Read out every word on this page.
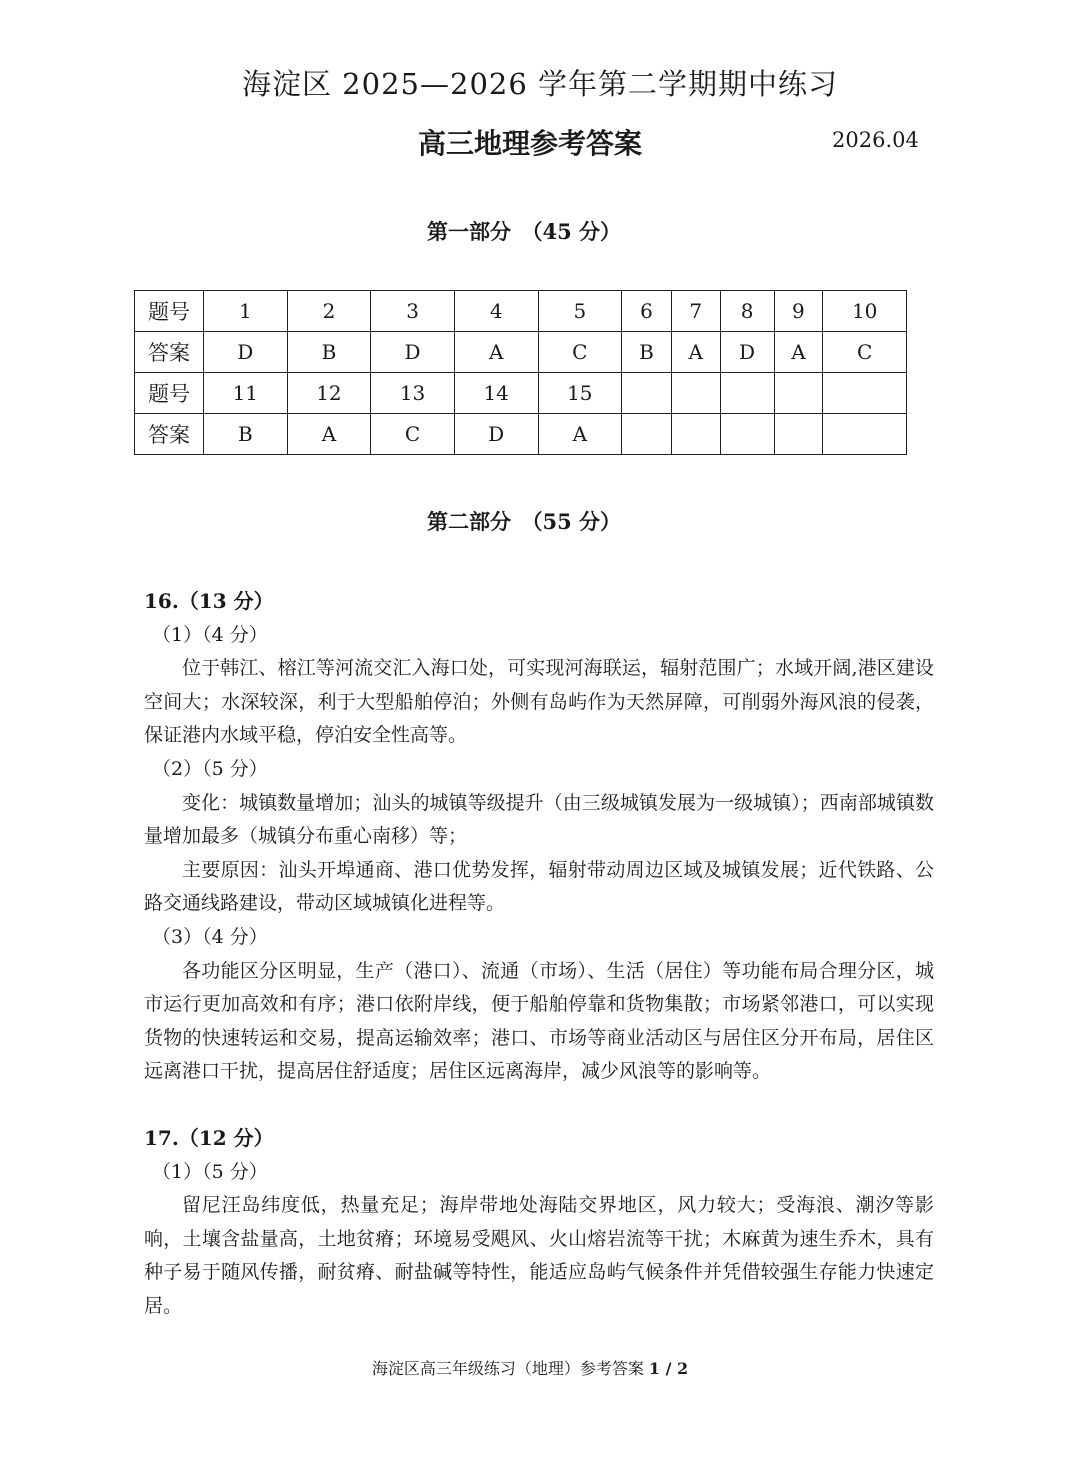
海淀区 2025—2026 学年第二学期期中练习
高三地理参考答案	2026.04
第一部分　（45 分）
题号	1	2	3	4	5	6	7	8	9	10
答案	D	B	D	A	C	B	A	D	A	C
题号	11	12	13	14	15					
答案	B	A	C	D	A					
第二部分　（55 分）
16.（13 分）
（1）（4 分）
位于韩江、榕江等河流交汇入海口处，可实现河海联运，辐射范围广；水域开阔,港区建设空间大；水深较深，利于大型船舶停泊；外侧有岛屿作为天然屏障，可削弱外海风浪的侵袭，保证港内水域平稳，停泊安全性高等。
（2）（5 分）
变化：城镇数量增加；汕头的城镇等级提升（由三级城镇发展为一级城镇）；西南部城镇数量增加最多（城镇分布重心南移）等；
主要原因：汕头开埠通商、港口优势发挥，辐射带动周边区域及城镇发展；近代铁路、公路交通线路建设，带动区域城镇化进程等。
（3）（4 分）
各功能区分区明显，生产（港口）、流通（市场）、生活（居住）等功能布局合理分区，城市运行更加高效和有序；港口依附岸线，便于船舶停靠和货物集散；市场紧邻港口，可以实现货物的快速转运和交易，提高运输效率；港口、市场等商业活动区与居住区分开布局，居住区远离港口干扰，提高居住舒适度；居住区远离海岸，减少风浪等的影响等。
17.（12 分）
（1）（5 分）
留尼汪岛纬度低，热量充足；海岸带地处海陆交界地区，风力较大；受海浪、潮汐等影响，土壤含盐量高，土地贫瘠；环境易受飓风、火山熔岩流等干扰；木麻黄为速生乔木，具有种子易于随风传播，耐贫瘠、耐盐碱等特性，能适应岛屿气候条件并凭借较强生存能力快速定居。
海淀区高三年级练习（地理）参考答案 1 / 2
